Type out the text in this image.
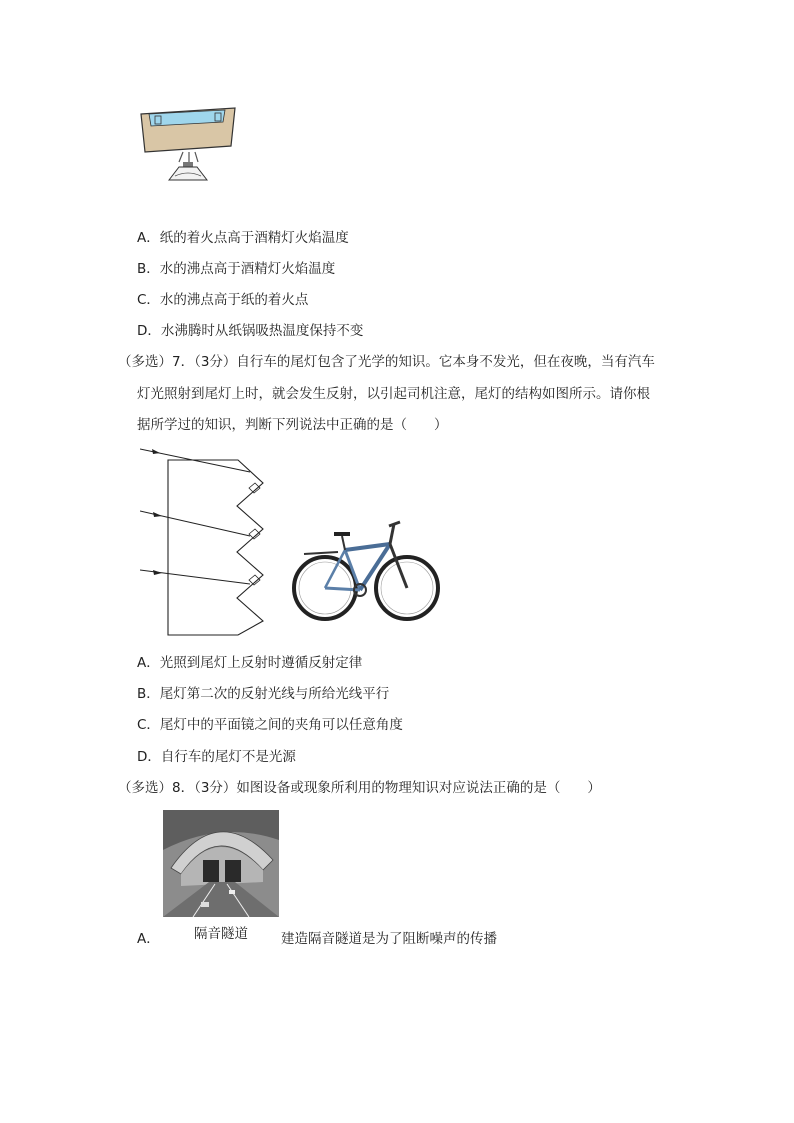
A．纸的着火点高于酒精灯火焰温度
B．水的沸点高于酒精灯火焰温度
C．水的沸点高于纸的着火点
D．水沸腾时从纸锅吸热温度保持不变
（多选）7．（3分）自行车的尾灯包含了光学的知识。它本身不发光，但在夜晚，当有汽车
灯光照射到尾灯上时，就会发生反射，以引起司机注意，尾灯的结构如图所示。请你根
据所学过的知识，判断下列说法中正确的是（　　）
A．光照到尾灯上反射时遵循反射定律
B．尾灯第二次的反射光线与所给光线平行
C．尾灯中的平面镜之间的夹角可以任意角度
D．自行车的尾灯不是光源
（多选）8．（3分）如图设备或现象所利用的物理知识对应说法正确的是（　　）
A．	隔音隧道 建造隔音隧道是为了阻断噪声的传播
